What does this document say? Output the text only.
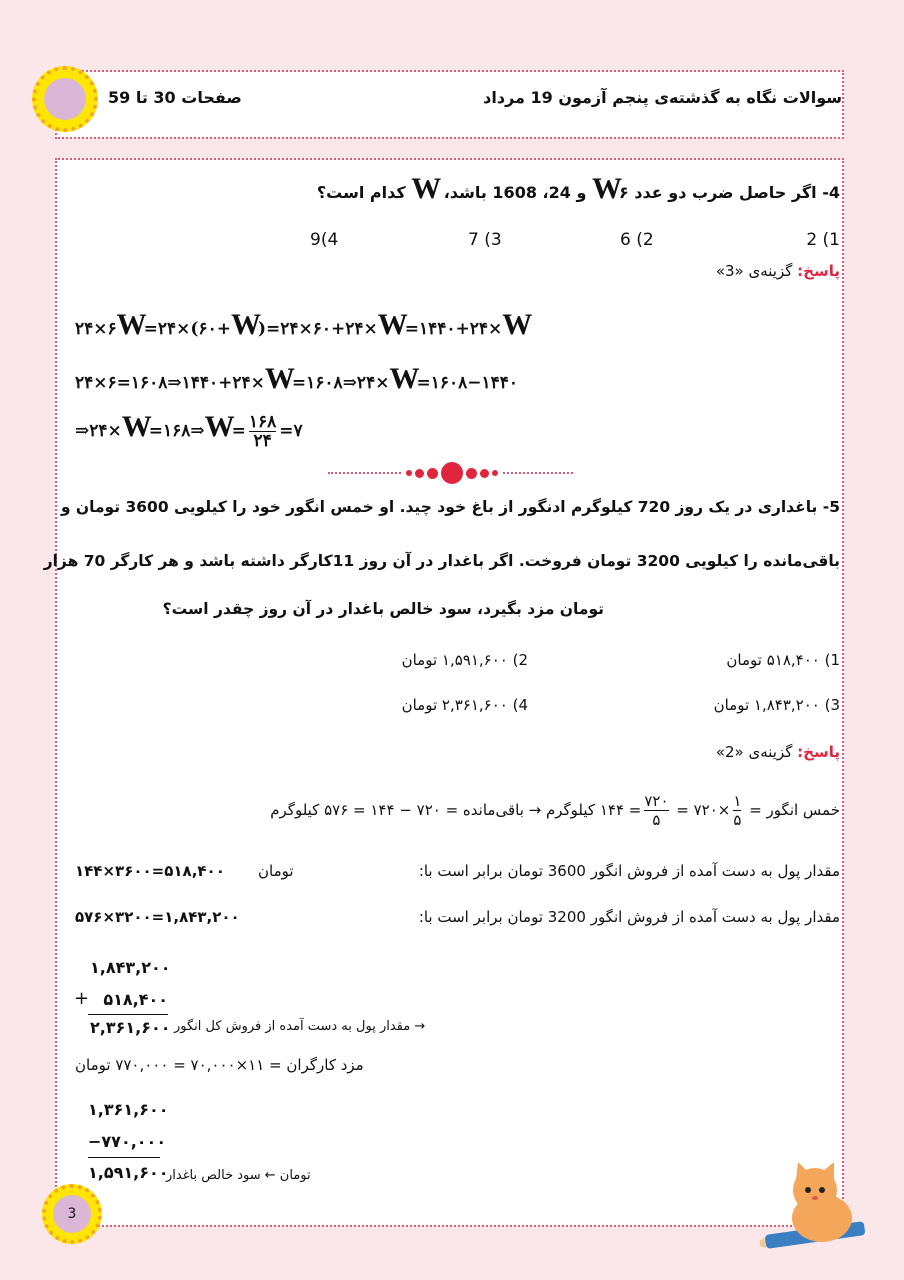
سوالات نگاه به گذشته‌ی پنجم آزمون 19 مرداد
صفحات 30 تا 59
4- اگر حاصل ضرب دو عدد W۶ و 24، 1608 باشد، W کدام است؟
2 (1
6 (2
7 (3
9(4
پاسخ: گزینه‌ی «3»
۲۴×۶W=۲۴×(۶۰+W‎)=۲۴×۶۰+۲۴×W=۱۴۴۰+۲۴×W
۲۴×۶=۱۶۰۸⇒۱۴۴۰+۲۴×W=۱۶۰۸⇒۲۴×W=۱۶۰۸−۱۴۴۰
⇒۲۴×W=۱۶۸⇒W= $\frac{۱۶۸}{۲۴}$ =۷
5- باغداری در یک روز 720 کیلوگرم ادنگور از باغ خود چید. او خمس انگور خود را کیلویی 3600 تومان و
باقی‌مانده را کیلویی 3200 تومان فروخت. اگر باغدار در آن روز 11کارگر داشته باشد و هر کارگر 70 هزار
تومان مزد بگیرد، سود خالص باغدار در آن روز چقدر است؟
1) ۵۱۸,۴۰۰ تومان
2) ۱,۵۹۱,۶۰۰ تومان
3) ۱,۸۴۳,۲۰۰ تومان
4) ۲,۳۶۱,۶۰۰ تومان
پاسخ: گزینه‌ی «2»
خمس انگور =
$\frac{۱}{۵}$
×۷۲۰ =
$\frac{۷۲۰}{۵}$
= ۱۴۴ کیلوگرم → باقی‌مانده = ۷۲۰ − ۱۴۴ = ۵۷۶ کیلوگرم
مقدار پول به دست آمده از فروش انگور 3600 تومان برابر است با:
تومان
۱۴۴×۳۶۰۰=۵۱۸,۴۰۰
مقدار پول به دست آمده از فروش انگور 3200 تومان برابر است با:
۵۷۶×۳۲۰۰=۱,۸۴۳,۲۰۰
۱,۸۴۳,۲۰۰
+ ۵۱۸,۴۰۰
۲,۳۶۱,۶۰۰ → مقدار پول به دست آمده از فروش کل انگور
مزد کارگران = ۱۱×۷۰,۰۰۰ = ۷۷۰,۰۰۰ تومان
۱,۳۶۱,۶۰۰
−۷۷۰,۰۰۰
۱,۵۹۱,۶۰۰
تومان ← سود خالص باغدار
3
